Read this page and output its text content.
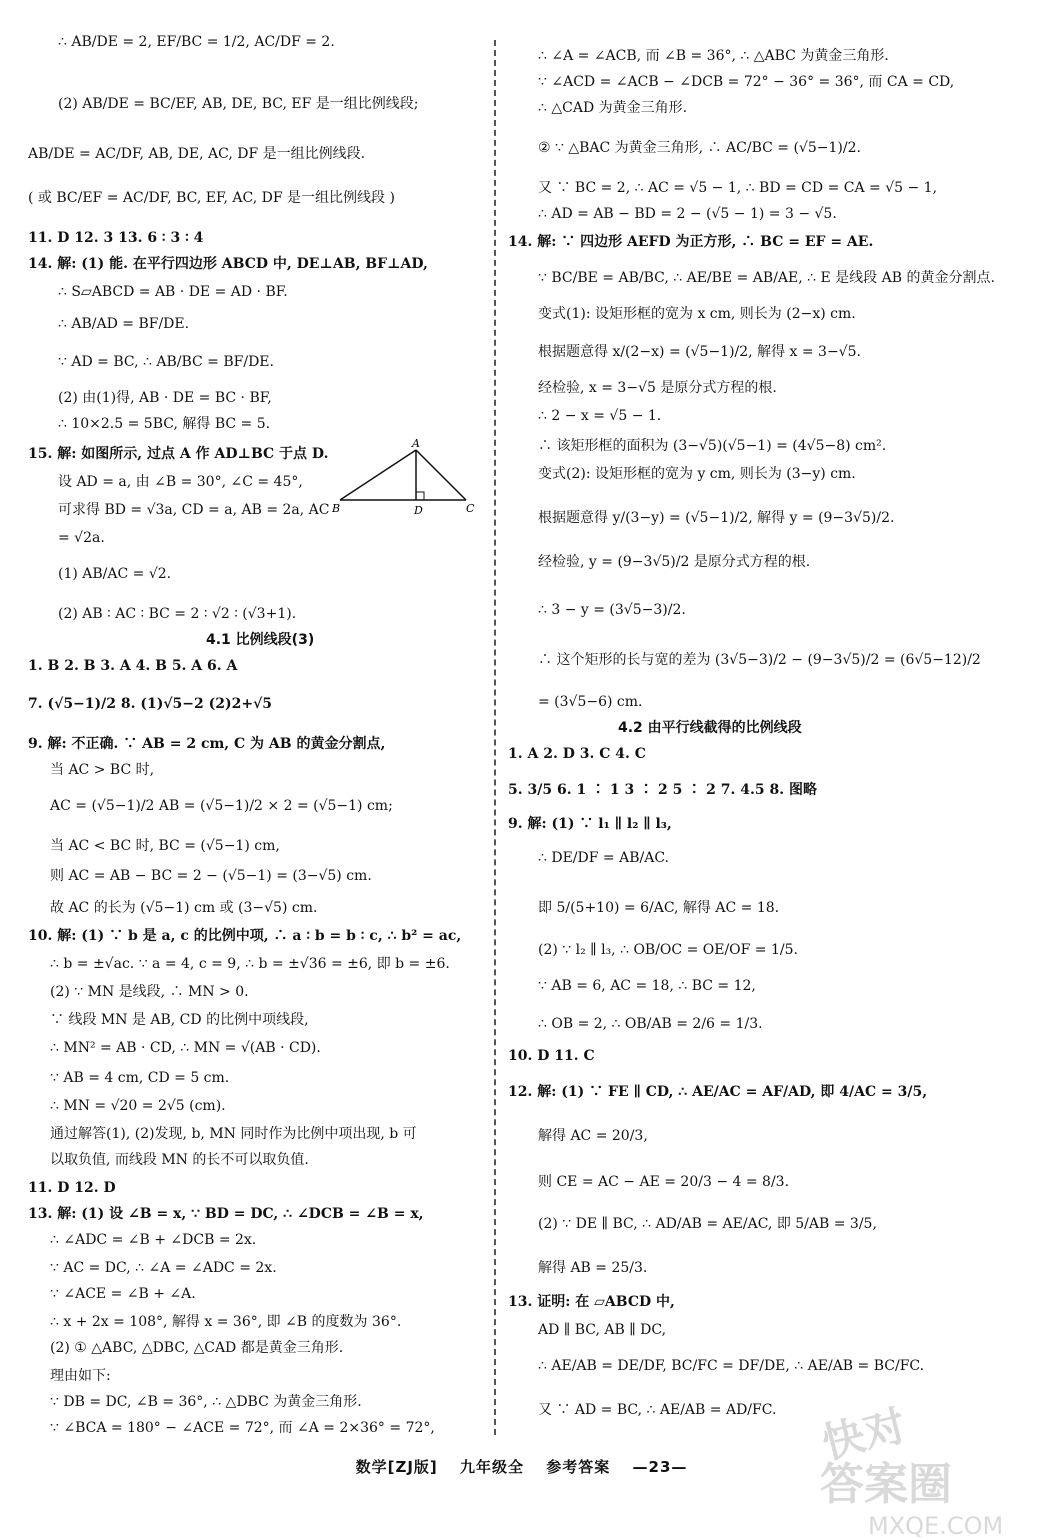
∴ AB/DE = 2, EF/BC = 1/2, AC/DF = 2.
(2) AB/DE = BC/EF, AB, DE, BC, EF 是一组比例线段;
AB/DE = AC/DF, AB, DE, AC, DF 是一组比例线段.
( 或 BC/EF = AC/DF, BC, EF, AC, DF 是一组比例线段 )
11. D 12. 3 13. 6 ∶ 3 ∶ 4
14. 解: (1) 能. 在平行四边形 ABCD 中, DE⊥AB, BF⊥AD,
∴ S▱ABCD = AB · DE = AD · BF.
∴ AB/AD = BF/DE.
∵ AD = BC, ∴ AB/BC = BF/DE.
(2) 由(1)得, AB · DE = BC · BF,
∴ 10×2.5 = 5BC, 解得 BC = 5.
15. 解: 如图所示, 过点 A 作 AD⊥BC 于点 D.
设 AD = a, 由 ∠B = 30°, ∠C = 45°,
可求得 BD = √3a, CD = a, AB = 2a, AC
= √2a.
(1) AB/AC = √2.
(2) AB ∶ AC ∶ BC = 2 ∶ √2 ∶ (√3+1).
4.1 比例线段(3)
1. B 2. B 3. A 4. B 5. A 6. A
7. (√5−1)/2 8. (1)√5−2 (2)2+√5
9. 解: 不正确. ∵ AB = 2 cm, C 为 AB 的黄金分割点,
当 AC > BC 时,
AC = (√5−1)/2 AB = (√5−1)/2 × 2 = (√5−1) cm;
当 AC < BC 时, BC = (√5−1) cm,
则 AC = AB − BC = 2 − (√5−1) = (3−√5) cm.
故 AC 的长为 (√5−1) cm 或 (3−√5) cm.
10. 解: (1) ∵ b 是 a, c 的比例中项, ∴ a ∶ b = b ∶ c, ∴ b² = ac,
∴ b = ±√ac. ∵ a = 4, c = 9, ∴ b = ±√36 = ±6, 即 b = ±6.
(2) ∵ MN 是线段, ∴ MN > 0.
∵ 线段 MN 是 AB, CD 的比例中项线段,
∴ MN² = AB · CD, ∴ MN = √(AB · CD).
∵ AB = 4 cm, CD = 5 cm.
∴ MN = √20 = 2√5 (cm).
通过解答(1), (2)发现, b, MN 同时作为比例中项出现, b 可
以取负值, 而线段 MN 的长不可以取负值.
11. D 12. D
13. 解: (1) 设 ∠B = x, ∵ BD = DC, ∴ ∠DCB = ∠B = x,
∴ ∠ADC = ∠B + ∠DCB = 2x.
∵ AC = DC, ∴ ∠A = ∠ADC = 2x.
∵ ∠ACE = ∠B + ∠A.
∴ x + 2x = 108°, 解得 x = 36°, 即 ∠B 的度数为 36°.
(2) ① △ABC, △DBC, △CAD 都是黄金三角形.
理由如下:
∵ DB = DC, ∠B = 36°, ∴ △DBC 为黄金三角形.
∵ ∠BCA = 180° − ∠ACE = 72°, 而 ∠A = 2×36° = 72°,
A
B	D	C
∴ ∠A = ∠ACB, 而 ∠B = 36°, ∴ △ABC 为黄金三角形.
∵ ∠ACD = ∠ACB − ∠DCB = 72° − 36° = 36°, 而 CA = CD,
∴ △CAD 为黄金三角形.
② ∵ △BAC 为黄金三角形, ∴ AC/BC = (√5−1)/2.
又 ∵ BC = 2, ∴ AC = √5 − 1, ∴ BD = CD = CA = √5 − 1,
∴ AD = AB − BD = 2 − (√5 − 1) = 3 − √5.
14. 解: ∵ 四边形 AEFD 为正方形, ∴ BC = EF = AE.
∵ BC/BE = AB/BC, ∴ AE/BE = AB/AE, ∴ E 是线段 AB 的黄金分割点.
变式(1): 设矩形框的宽为 x cm, 则长为 (2−x) cm.
根据题意得 x/(2−x) = (√5−1)/2, 解得 x = 3−√5.
经检验, x = 3−√5 是原分式方程的根.
∴ 2 − x = √5 − 1.
∴ 该矩形框的面积为 (3−√5)(√5−1) = (4√5−8) cm².
变式(2): 设矩形框的宽为 y cm, 则长为 (3−y) cm.
根据题意得 y/(3−y) = (√5−1)/2, 解得 y = (9−3√5)/2.
经检验, y = (9−3√5)/2 是原分式方程的根.
∴ 3 − y = (3√5−3)/2.
∴ 这个矩形的长与宽的差为 (3√5−3)/2 − (9−3√5)/2 = (6√5−12)/2
= (3√5−6) cm.
4.2 由平行线截得的比例线段
1. A 2. D 3. C 4. C
5. 3/5 6. 1 ∶ 1 3 ∶ 2 5 ∶ 2 7. 4.5 8. 图略
9. 解: (1) ∵ l₁ ∥ l₂ ∥ l₃,
∴ DE/DF = AB/AC.
即 5/(5+10) = 6/AC, 解得 AC = 18.
(2) ∵ l₂ ∥ l₃, ∴ OB/OC = OE/OF = 1/5.
∵ AB = 6, AC = 18, ∴ BC = 12,
∴ OB = 2, ∴ OB/AB = 2/6 = 1/3.
10. D 11. C
12. 解: (1) ∵ FE ∥ CD, ∴ AE/AC = AF/AD, 即 4/AC = 3/5,
解得 AC = 20/3,
则 CE = AC − AE = 20/3 − 4 = 8/3.
(2) ∵ DE ∥ BC, ∴ AD/AB = AE/AC, 即 5/AB = 3/5,
解得 AB = 25/3.
13. 证明: 在 ▱ABCD 中,
AD ∥ BC, AB ∥ DC,
∴ AE/AB = DE/DF, BC/FC = DF/DE, ∴ AE/AB = BC/FC.
又 ∵ AD = BC, ∴ AE/AB = AD/FC.
数学[ZJ版] 九年级全 参考答案 —23—	快对
答案圈
MXQE.COM
